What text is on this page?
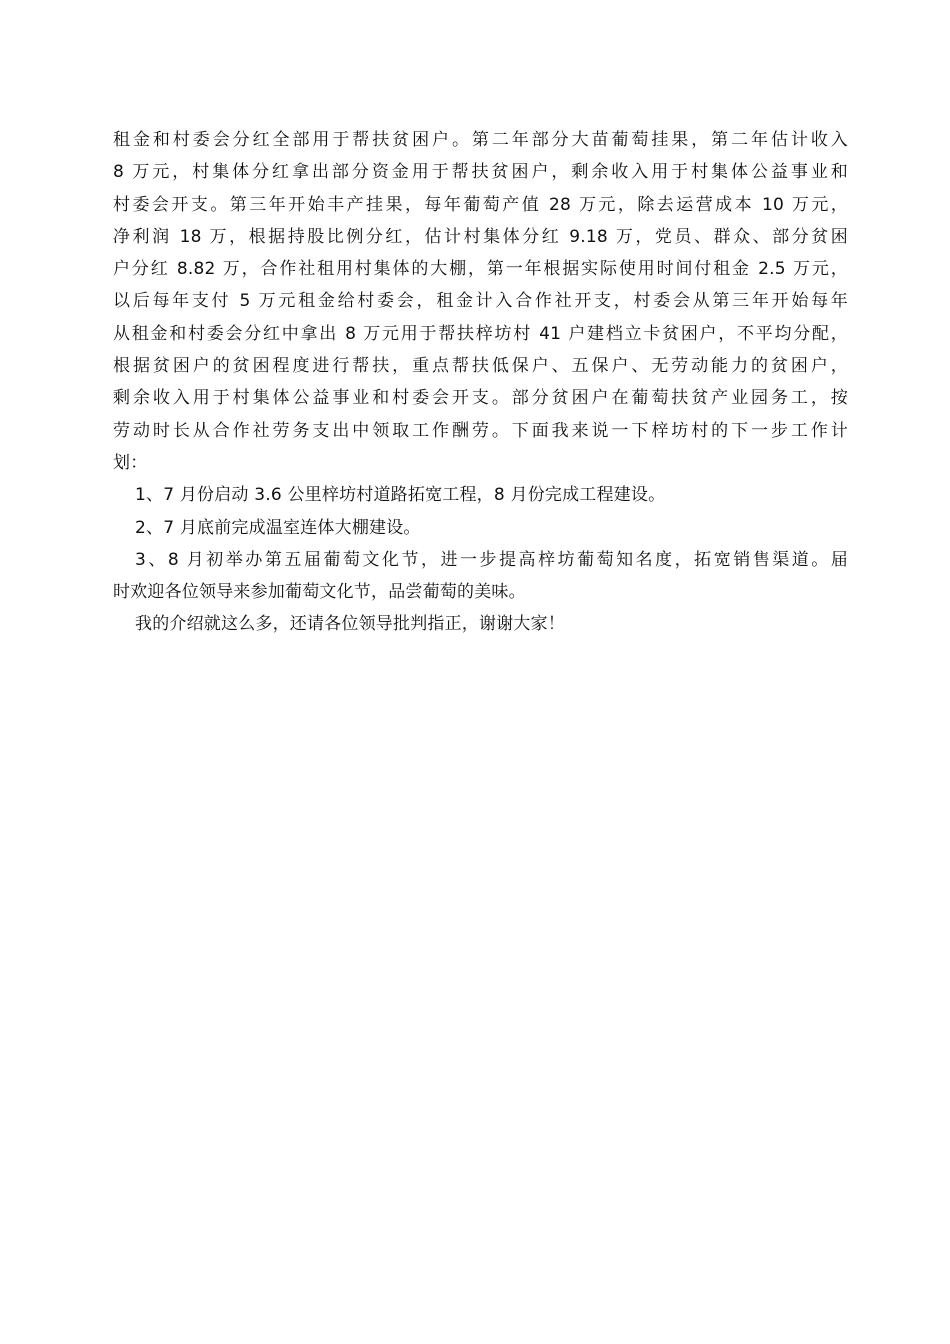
租金和村委会分红全部用于帮扶贫困户。第二年部分大苗葡萄挂果，第二年估计收入
8 万元，村集体分红拿出部分资金用于帮扶贫困户，剩余收入用于村集体公益事业和
村委会开支。第三年开始丰产挂果，每年葡萄产值 28 万元，除去运营成本 10 万元，
净利润 18 万，根据持股比例分红，估计村集体分红 9.18 万，党员、群众、部分贫困
户分红 8.82 万，合作社租用村集体的大棚，第一年根据实际使用时间付租金 2.5 万元，
以后每年支付 5 万元租金给村委会，租金计入合作社开支，村委会从第三年开始每年
从租金和村委会分红中拿出 8 万元用于帮扶梓坊村 41 户建档立卡贫困户，不平均分配，
根据贫困户的贫困程度进行帮扶，重点帮扶低保户、五保户、无劳动能力的贫困户，
剩余收入用于村集体公益事业和村委会开支。部分贫困户在葡萄扶贫产业园务工，按
劳动时长从合作社劳务支出中领取工作酬劳。下面我来说一下梓坊村的下一步工作计
划：
1、7 月份启动 3.6 公里梓坊村道路拓宽工程，8 月份完成工程建设。
2、7 月底前完成温室连体大棚建设。
3、8 月初举办第五届葡萄文化节，进一步提高梓坊葡萄知名度，拓宽销售渠道。届
时欢迎各位领导来参加葡萄文化节，品尝葡萄的美味。
我的介绍就这么多，还请各位领导批判指正，谢谢大家！
